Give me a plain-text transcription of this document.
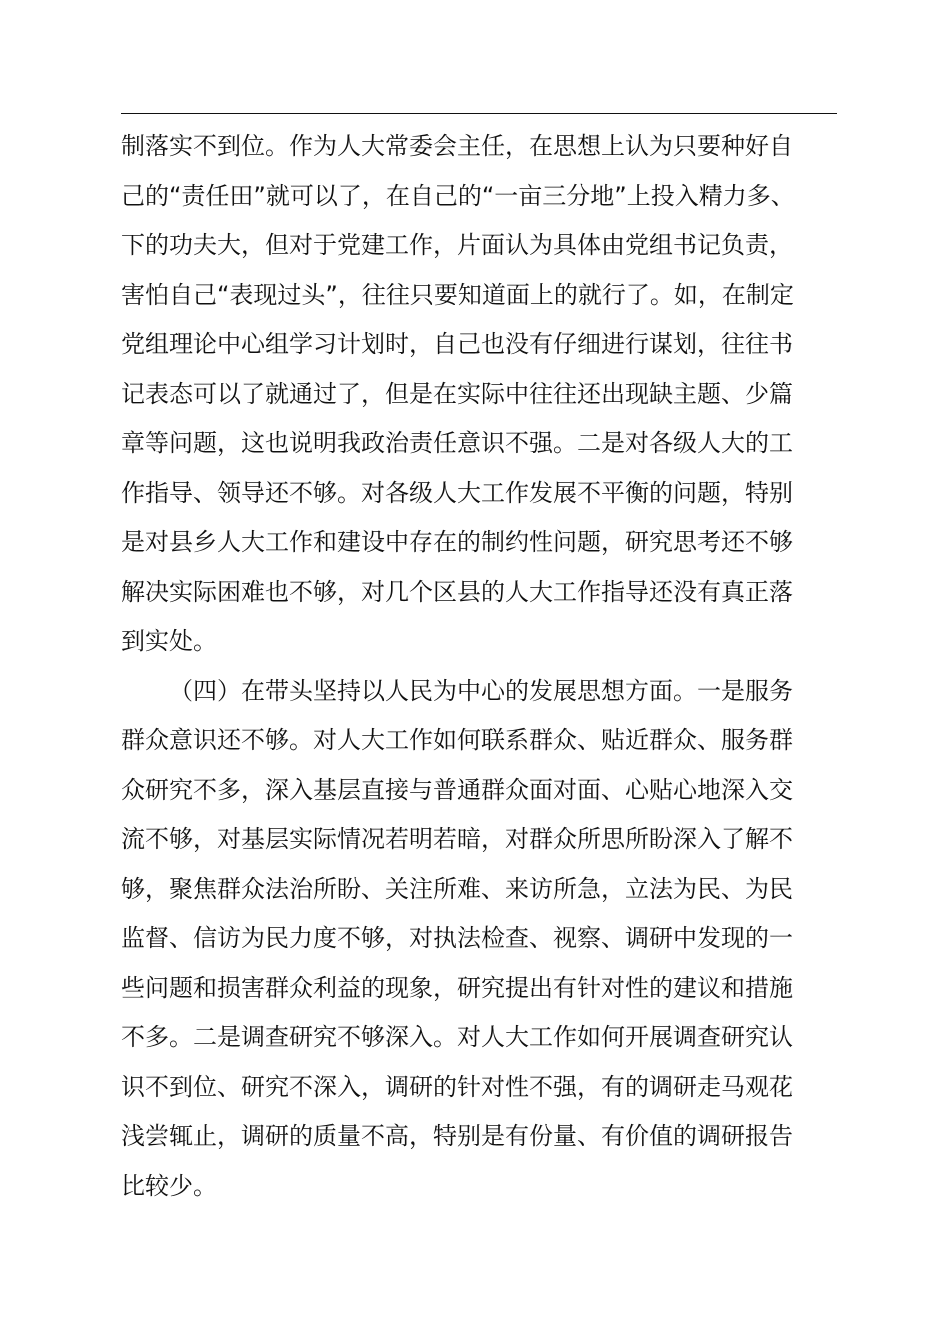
制落实不到位。作为人大常委会主任，在思想上认为只要种好自
己的“责任田”就可以了，在自己的“一亩三分地”上投入精力多、
下的功夫大，但对于党建工作，片面认为具体由党组书记负责，
害怕自己“表现过头”，往往只要知道面上的就行了。如，在制定
党组理论中心组学习计划时，自己也没有仔细进行谋划，往往书
记表态可以了就通过了，但是在实际中往往还出现缺主题、少篇
章等问题，这也说明我政治责任意识不强。二是对各级人大的工
作指导、领导还不够。对各级人大工作发展不平衡的问题，特别
是对县乡人大工作和建设中存在的制约性问题，研究思考还不够
解决实际困难也不够，对几个区县的人大工作指导还没有真正落
到实处。
（四）在带头坚持以人民为中心的发展思想方面。一是服务
群众意识还不够。对人大工作如何联系群众、贴近群众、服务群
众研究不多，深入基层直接与普通群众面对面、心贴心地深入交
流不够，对基层实际情况若明若暗，对群众所思所盼深入了解不
够，聚焦群众法治所盼、关注所难、来访所急，立法为民、为民
监督、信访为民力度不够，对执法检查、视察、调研中发现的一
些问题和损害群众利益的现象，研究提出有针对性的建议和措施
不多。二是调查研究不够深入。对人大工作如何开展调查研究认
识不到位、研究不深入，调研的针对性不强，有的调研走马观花
浅尝辄止，调研的质量不高，特别是有份量、有价值的调研报告
比较少。
